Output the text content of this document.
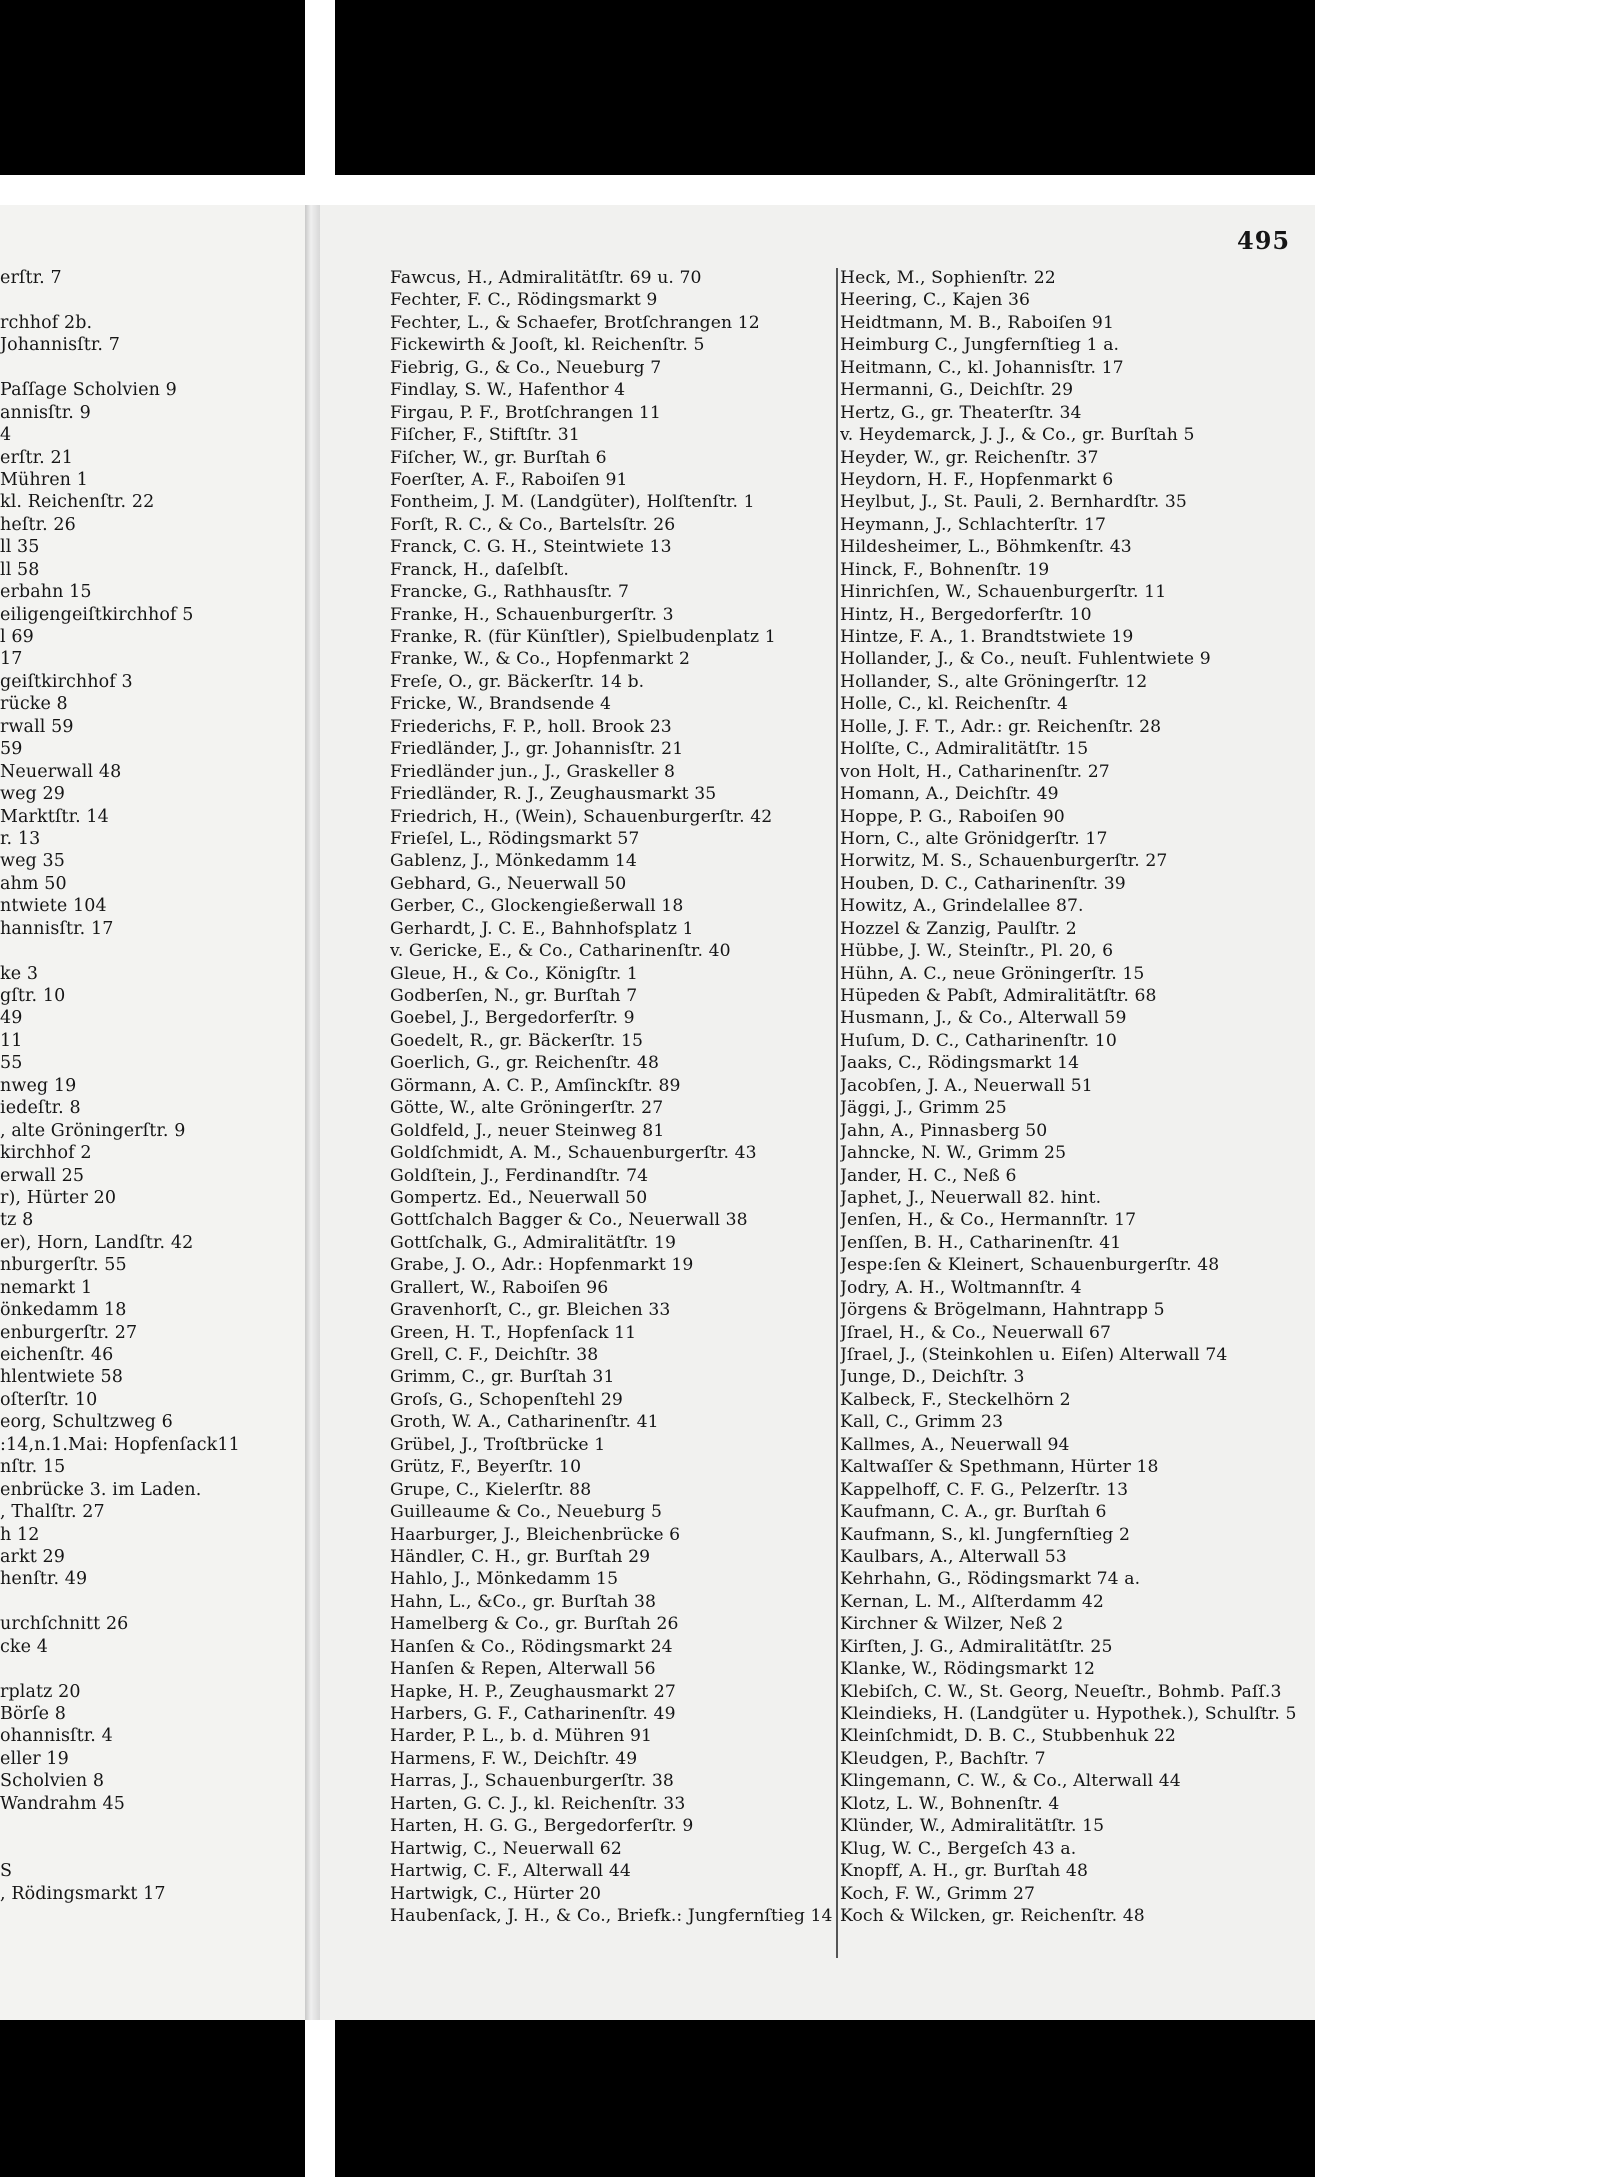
495
erſtr. 7
rchhof 2b.
Johannisſtr. 7
Paſſage Scholvien 9
annisſtr. 9
4
erſtr. 21
Mühren 1
kl. Reichenſtr. 22
heſtr. 26
ll 35
ll 58
erbahn 15
eiligengeiſtkirchhof 5
l 69
17
geiſtkirchhof 3
rücke 8
rwall 59
59
Neuerwall 48
weg 29
Marktſtr. 14
r. 13
weg 35
ahm 50
ntwiete 104
hannisſtr. 17
ke 3
gſtr. 10
49
11
55
nweg 19
iedeſtr. 8
, alte Gröningerſtr. 9
kirchhof 2
erwall 25
r), Hürter 20
tz 8
er), Horn, Landſtr. 42
nburgerſtr. 55
nemarkt 1
önkedamm 18
enburgerſtr. 27
eichenſtr. 46
hlentwiete 58
oſterſtr. 10
eorg, Schultzweg 6
:14,n.1.Mai: Hopfenſack11
nſtr. 15
enbrücke 3. im Laden.
, Thalſtr. 27
h 12
arkt 29
henſtr. 49
urchſchnitt 26
cke 4
rplatz 20
Börſe 8
ohannisſtr. 4
eller 19
Scholvien 8
Wandrahm 45
S
, Rödingsmarkt 17
Fawcus, H., Admiralitätſtr. 69 u. 70
Fechter, F. C., Rödingsmarkt 9
Fechter, L., & Schaefer, Brotſchrangen 12
Fickewirth & Jooſt, kl. Reichenſtr. 5
Fiebrig, G., & Co., Neueburg 7
Findlay, S. W., Hafenthor 4
Firgau, P. F., Brotſchrangen 11
Fiſcher, F., Stiftſtr. 31
Fiſcher, W., gr. Burſtah 6
Foerſter, A. F., Raboiſen 91
Fontheim, J. M. (Landgüter), Holſtenſtr. 1
Forſt, R. C., & Co., Bartelsſtr. 26
Franck, C. G. H., Steintwiete 13
Franck, H., daſelbſt.
Francke, G., Rathhausſtr. 7
Franke, H., Schauenburgerſtr. 3
Franke, R. (für Künſtler), Spielbudenplatz 1
Franke, W., & Co., Hopfenmarkt 2
Freſe, O., gr. Bäckerſtr. 14 b.
Fricke, W., Brandsende 4
Friederichs, F. P., holl. Brook 23
Friedländer, J., gr. Johannisſtr. 21
Friedländer jun., J., Graskeller 8
Friedländer, R. J., Zeughausmarkt 35
Friedrich, H., (Wein), Schauenburgerſtr. 42
Frieſel, L., Rödingsmarkt 57
Gablenz, J., Mönkedamm 14
Gebhard, G., Neuerwall 50
Gerber, C., Glockengießerwall 18
Gerhardt, J. C. E., Bahnhofsplatz 1
v. Gericke, E., & Co., Catharinenſtr. 40
Gleue, H., & Co., Königſtr. 1
Godberſen, N., gr. Burſtah 7
Goebel, J., Bergedorferſtr. 9
Goedelt, R., gr. Bäckerſtr. 15
Goerlich, G., gr. Reichenſtr. 48
Görmann, A. C. P., Amſinckſtr. 89
Götte, W., alte Gröningerſtr. 27
Goldfeld, J., neuer Steinweg 81
Goldſchmidt, A. M., Schauenburgerſtr. 43
Goldſtein, J., Ferdinandſtr. 74
Gompertz. Ed., Neuerwall 50
Gottſchalch Bagger & Co., Neuerwall 38
Gottſchalk, G., Admiralitätſtr. 19
Grabe, J. O., Adr.: Hopfenmarkt 19
Grallert, W., Raboiſen 96
Gravenhorſt, C., gr. Bleichen 33
Green, H. T., Hopfenſack 11
Grell, C. F., Deichſtr. 38
Grimm, C., gr. Burſtah 31
Groſs, G., Schopenſtehl 29
Groth, W. A., Catharinenſtr. 41
Grübel, J., Troſtbrücke 1
Grütz, F., Beyerſtr. 10
Grupe, C., Kielerſtr. 88
Guilleaume & Co., Neueburg 5
Haarburger, J., Bleichenbrücke 6
Händler, C. H., gr. Burſtah 29
Hahlo, J., Mönkedamm 15
Hahn, L., &Co., gr. Burſtah 38
Hamelberg & Co., gr. Burſtah 26
Hanſen & Co., Rödingsmarkt 24
Hanſen & Repen, Alterwall 56
Hapke, H. P., Zeughausmarkt 27
Harbers, G. F., Catharinenſtr. 49
Harder, P. L., b. d. Mühren 91
Harmens, F. W., Deichſtr. 49
Harras, J., Schauenburgerſtr. 38
Harten, G. C. J., kl. Reichenſtr. 33
Harten, H. G. G., Bergedorferſtr. 9
Hartwig, C., Neuerwall 62
Hartwig, C. F., Alterwall 44
Hartwigk, C., Hürter 20
Haubenſack, J. H., & Co., Briefk.: Jungfernſtieg 14
Heck, M., Sophienſtr. 22
Heering, C., Kajen 36
Heidtmann, M. B., Raboiſen 91
Heimburg C., Jungfernſtieg 1 a.
Heitmann, C., kl. Johannisſtr. 17
Hermanni, G., Deichſtr. 29
Hertz, G., gr. Theaterſtr. 34
v. Heydemarck, J. J., & Co., gr. Burſtah 5
Heyder, W., gr. Reichenſtr. 37
Heydorn, H. F., Hopfenmarkt 6
Heylbut, J., St. Pauli, 2. Bernhardſtr. 35
Heymann, J., Schlachterſtr. 17
Hildesheimer, L., Böhmkenſtr. 43
Hinck, F., Bohnenſtr. 19
Hinrichſen, W., Schauenburgerſtr. 11
Hintz, H., Bergedorferſtr. 10
Hintze, F. A., 1. Brandtstwiete 19
Hollander, J., & Co., neuſt. Fuhlentwiete 9
Hollander, S., alte Gröningerſtr. 12
Holle, C., kl. Reichenſtr. 4
Holle, J. F. T., Adr.: gr. Reichenſtr. 28
Holſte, C., Admiralitätſtr. 15
von Holt, H., Catharinenſtr. 27
Homann, A., Deichſtr. 49
Hoppe, P. G., Raboiſen 90
Horn, C., alte Grönidgerſtr. 17
Horwitz, M. S., Schauenburgerſtr. 27
Houben, D. C., Catharinenſtr. 39
Howitz, A., Grindelallee 87.
Hozzel & Zanzig, Paulſtr. 2
Hübbe, J. W., Steinſtr., Pl. 20, 6
Hühn, A. C., neue Gröningerſtr. 15
Hüpeden & Pabſt, Admiralitätſtr. 68
Husmann, J., & Co., Alterwall 59
Huſum, D. C., Catharinenſtr. 10
Jaaks, C., Rödingsmarkt 14
Jacobſen, J. A., Neuerwall 51
Jäggi, J., Grimm 25
Jahn, A., Pinnasberg 50
Jahncke, N. W., Grimm 25
Jander, H. C., Neß 6
Japhet, J., Neuerwall 82. hint.
Jenſen, H., & Co., Hermannſtr. 17
Jenſſen, B. H., Catharinenſtr. 41
Jespe:ſen & Kleinert, Schauenburgerſtr. 48
Jodry, A. H., Woltmannſtr. 4
Jörgens & Brögelmann, Hahntrapp 5
Jſrael, H., & Co., Neuerwall 67
Jſrael, J., (Steinkohlen u. Eiſen) Alterwall 74
Junge, D., Deichſtr. 3
Kalbeck, F., Steckelhörn 2
Kall, C., Grimm 23
Kallmes, A., Neuerwall 94
Kaltwaſſer & Spethmann, Hürter 18
Kappelhoff, C. F. G., Pelzerſtr. 13
Kaufmann, C. A., gr. Burſtah 6
Kaufmann, S., kl. Jungfernſtieg 2
Kaulbars, A., Alterwall 53
Kehrhahn, G., Rödingsmarkt 74 a.
Kernan, L. M., Alſterdamm 42
Kirchner & Wilzer, Neß 2
Kirſten, J. G., Admiralitätſtr. 25
Klanke, W., Rödingsmarkt 12
Klebiſch, C. W., St. Georg, Neueſtr., Bohmb. Paſſ.3
Kleindieks, H. (Landgüter u. Hypothek.), Schulſtr. 5
Kleinſchmidt, D. B. C., Stubbenhuk 22
Kleudgen, P., Bachſtr. 7
Klingemann, C. W., & Co., Alterwall 44
Klotz, L. W., Bohnenſtr. 4
Klünder, W., Admiralitätſtr. 15
Klug, W. C., Bergeſch 43 a.
Knopff, A. H., gr. Burſtah 48
Koch, F. W., Grimm 27
Koch & Wilcken, gr. Reichenſtr. 48
